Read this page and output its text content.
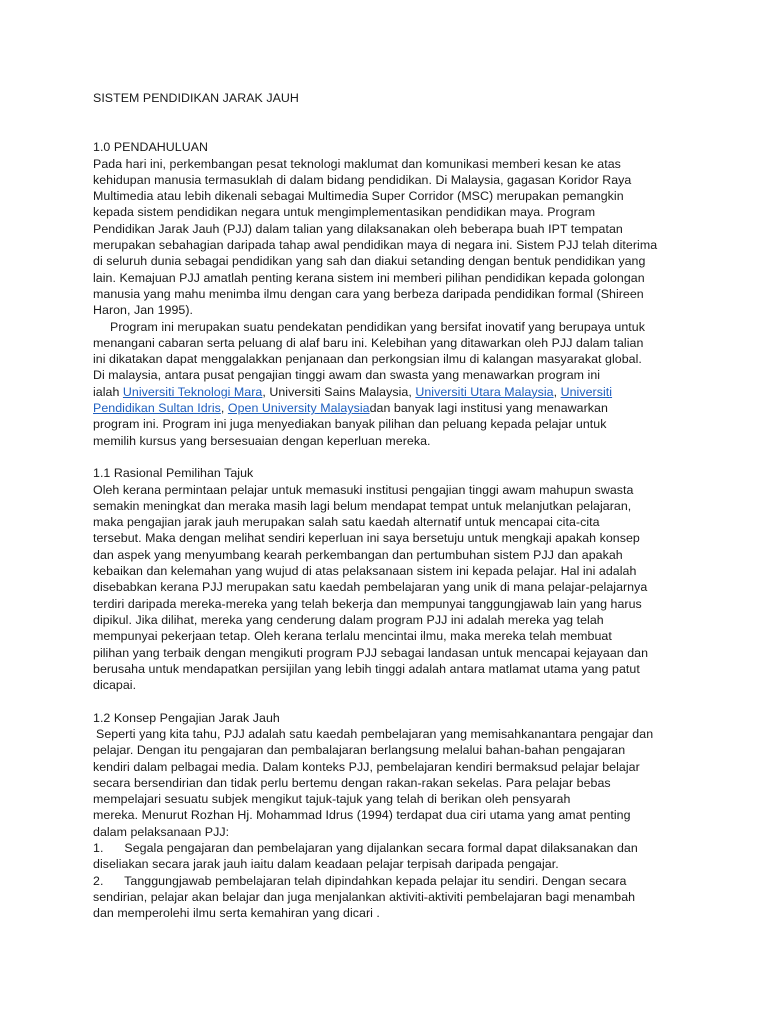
SISTEM PENDIDIKAN JARAK JAUH
1.0 PENDAHULUAN
Pada hari ini, perkembangan pesat teknologi maklumat dan komunikasi memberi kesan ke atas
kehidupan manusia termasuklah di dalam bidang pendidikan. Di Malaysia, gagasan Koridor Raya
Multimedia atau lebih dikenali sebagai Multimedia Super Corridor (MSC) merupakan pemangkin
kepada sistem pendidikan negara untuk mengimplementasikan pendidikan maya. Program
Pendidikan Jarak Jauh (PJJ) dalam talian yang dilaksanakan oleh beberapa buah IPT tempatan
merupakan sebahagian daripada tahap awal pendidikan maya di negara ini. Sistem PJJ telah diterima
di seluruh dunia sebagai pendidikan yang sah dan diakui setanding dengan bentuk pendidikan yang
lain. Kemajuan PJJ amatlah penting kerana sistem ini memberi pilihan pendidikan kepada golongan
manusia yang mahu menimba ilmu dengan cara yang berbeza daripada pendidikan formal (Shireen
Haron, Jan 1995).
Program ini merupakan suatu pendekatan pendidikan yang bersifat inovatif yang berupaya untuk
menangani cabaran serta peluang di alaf baru ini. Kelebihan yang ditawarkan oleh PJJ dalam talian
ini dikatakan dapat menggalakkan penjanaan dan perkongsian ilmu di kalangan masyarakat global.
Di malaysia, antara pusat pengajian tinggi awam dan swasta yang menawarkan program ini
ialah Universiti Teknologi Mara, Universiti Sains Malaysia, Universiti Utara Malaysia, Universiti
Pendidikan Sultan Idris, Open University Malaysiadan banyak lagi institusi yang menawarkan
program ini. Program ini juga menyediakan banyak pilihan dan peluang kepada pelajar untuk
memilih kursus yang bersesuaian dengan keperluan mereka.
1.1 Rasional Pemilihan Tajuk
Oleh kerana permintaan pelajar untuk memasuki institusi pengajian tinggi awam mahupun swasta
semakin meningkat dan meraka masih lagi belum mendapat tempat untuk melanjutkan pelajaran,
maka pengajian jarak jauh merupakan salah satu kaedah alternatif untuk mencapai cita-cita
tersebut. Maka dengan melihat sendiri keperluan ini saya bersetuju untuk mengkaji apakah konsep
dan aspek yang menyumbang kearah perkembangan dan pertumbuhan sistem PJJ dan apakah
kebaikan dan kelemahan yang wujud di atas pelaksanaan sistem ini kepada pelajar. Hal ini adalah
disebabkan kerana PJJ merupakan satu kaedah pembelajaran yang unik di mana pelajar-pelajarnya
terdiri daripada mereka-mereka yang telah bekerja dan mempunyai tanggungjawab lain yang harus
dipikul. Jika dilihat, mereka yang cenderung dalam program PJJ ini adalah mereka yag telah
mempunyai pekerjaan tetap. Oleh kerana terlalu mencintai ilmu, maka mereka telah membuat
pilihan yang terbaik dengan mengikuti program PJJ sebagai landasan untuk mencapai kejayaan dan
berusaha untuk mendapatkan persijilan yang lebih tinggi adalah antara matlamat utama yang patut
dicapai.
1.2 Konsep Pengajian Jarak Jauh
Seperti yang kita tahu, PJJ adalah satu kaedah pembelajaran yang memisahkanantara pengajar dan
pelajar. Dengan itu pengajaran dan pembalajaran berlangsung melalui bahan-bahan pengajaran
kendiri dalam pelbagai media. Dalam konteks PJJ, pembelajaran kendiri bermaksud pelajar belajar
secara bersendirian dan tidak perlu bertemu dengan rakan-rakan sekelas. Para pelajar bebas
mempelajari sesuatu subjek mengikut tajuk-tajuk yang telah di berikan oleh pensyarah
mereka. Menurut Rozhan Hj. Mohammad Idrus (1994) terdapat dua ciri utama yang amat penting
dalam pelaksanaan PJJ:
1.      Segala pengajaran dan pembelajaran yang dijalankan secara formal dapat dilaksanakan dan
diseliakan secara jarak jauh iaitu dalam keadaan pelajar terpisah daripada pengajar.
2.      Tanggungjawab pembelajaran telah dipindahkan kepada pelajar itu sendiri. Dengan secara
sendirian, pelajar akan belajar dan juga menjalankan aktiviti-aktiviti pembelajaran bagi menambah
dan memperolehi ilmu serta kemahiran yang dicari .
